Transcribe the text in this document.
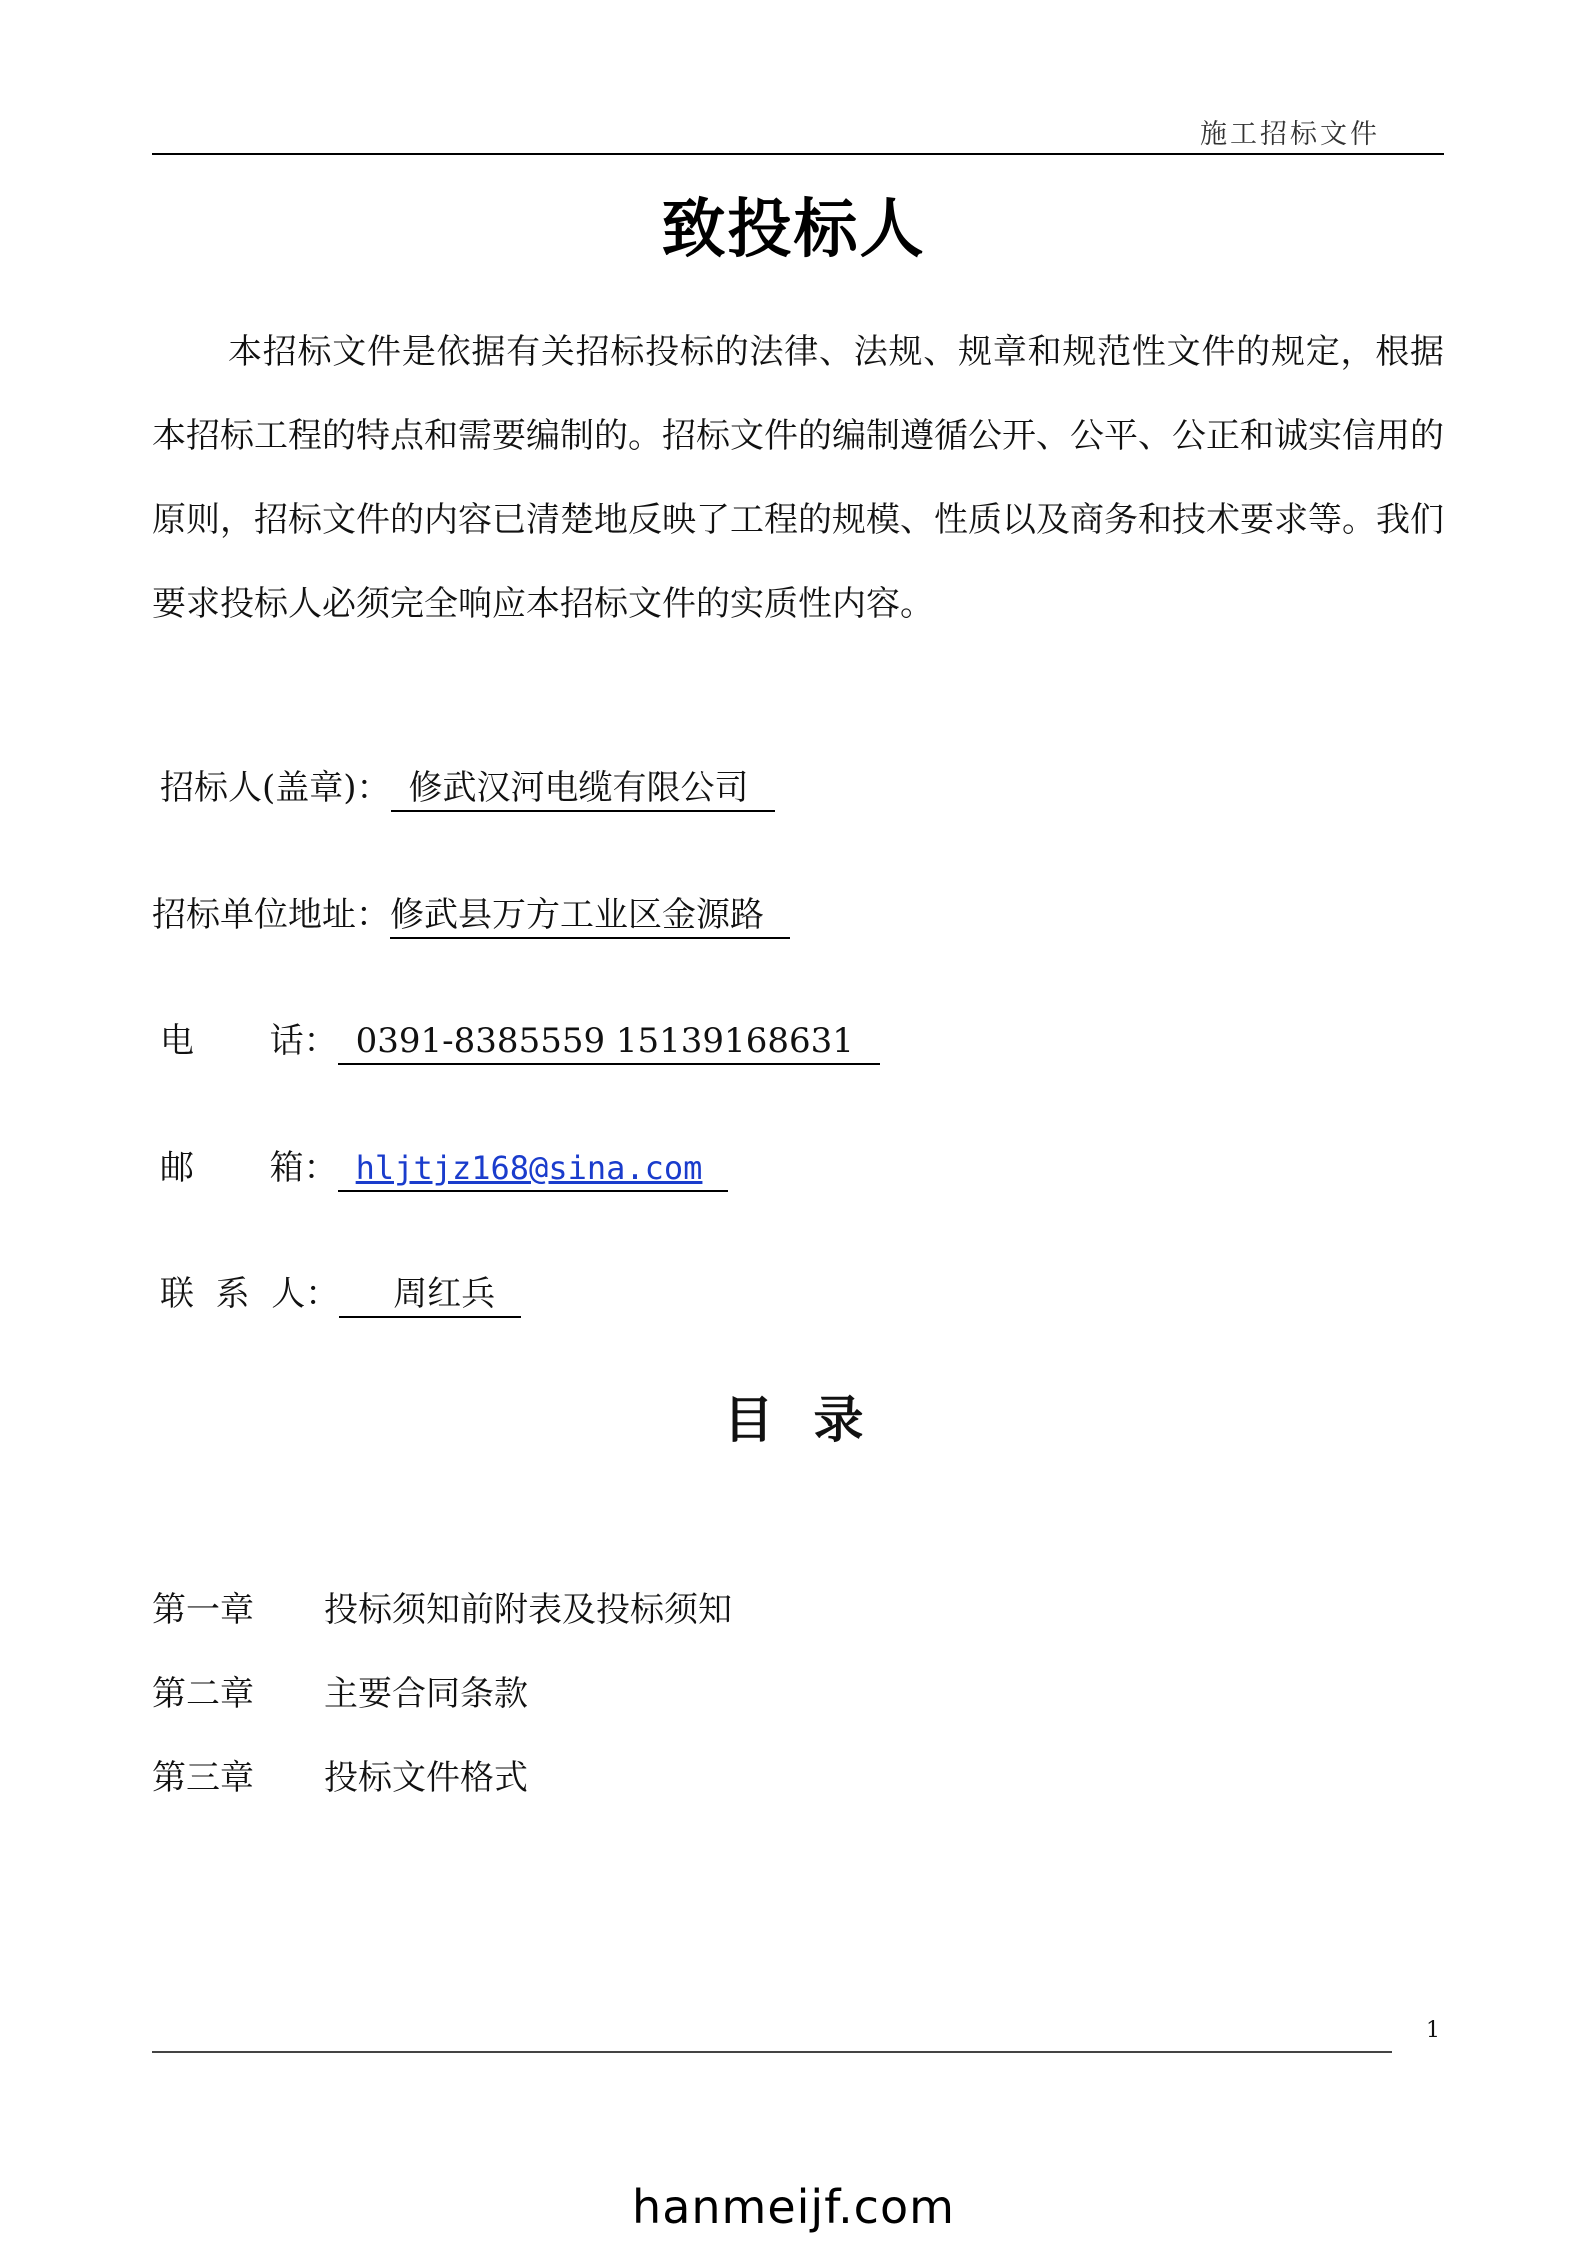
施工招标文件
致投标人

本招标文件是依据有关招标投标的法律、法规、规章和规范性文件的规定，根据本招标工程的特点和需要编制的。招标文件的编制遵循公开、公平、公正和诚实信用的原则，招标文件的内容已清楚地反映了工程的规模、性质以及商务和技术要求等。我们要求投标人必须完全响应本招标文件的实质性内容。

招标人(盖章)： 修武汉河电缆有限公司
招标单位地址：修武县万方工业区金源路
电       话： 0391-8385559 15139168631
邮       箱： hljtjz168@sina.com
联  系  人： 周红兵
目录
第一章 投标须知前附表及投标须知
第二章 主要合同条款
第三章 投标文件格式
1
hanmeijf.com
